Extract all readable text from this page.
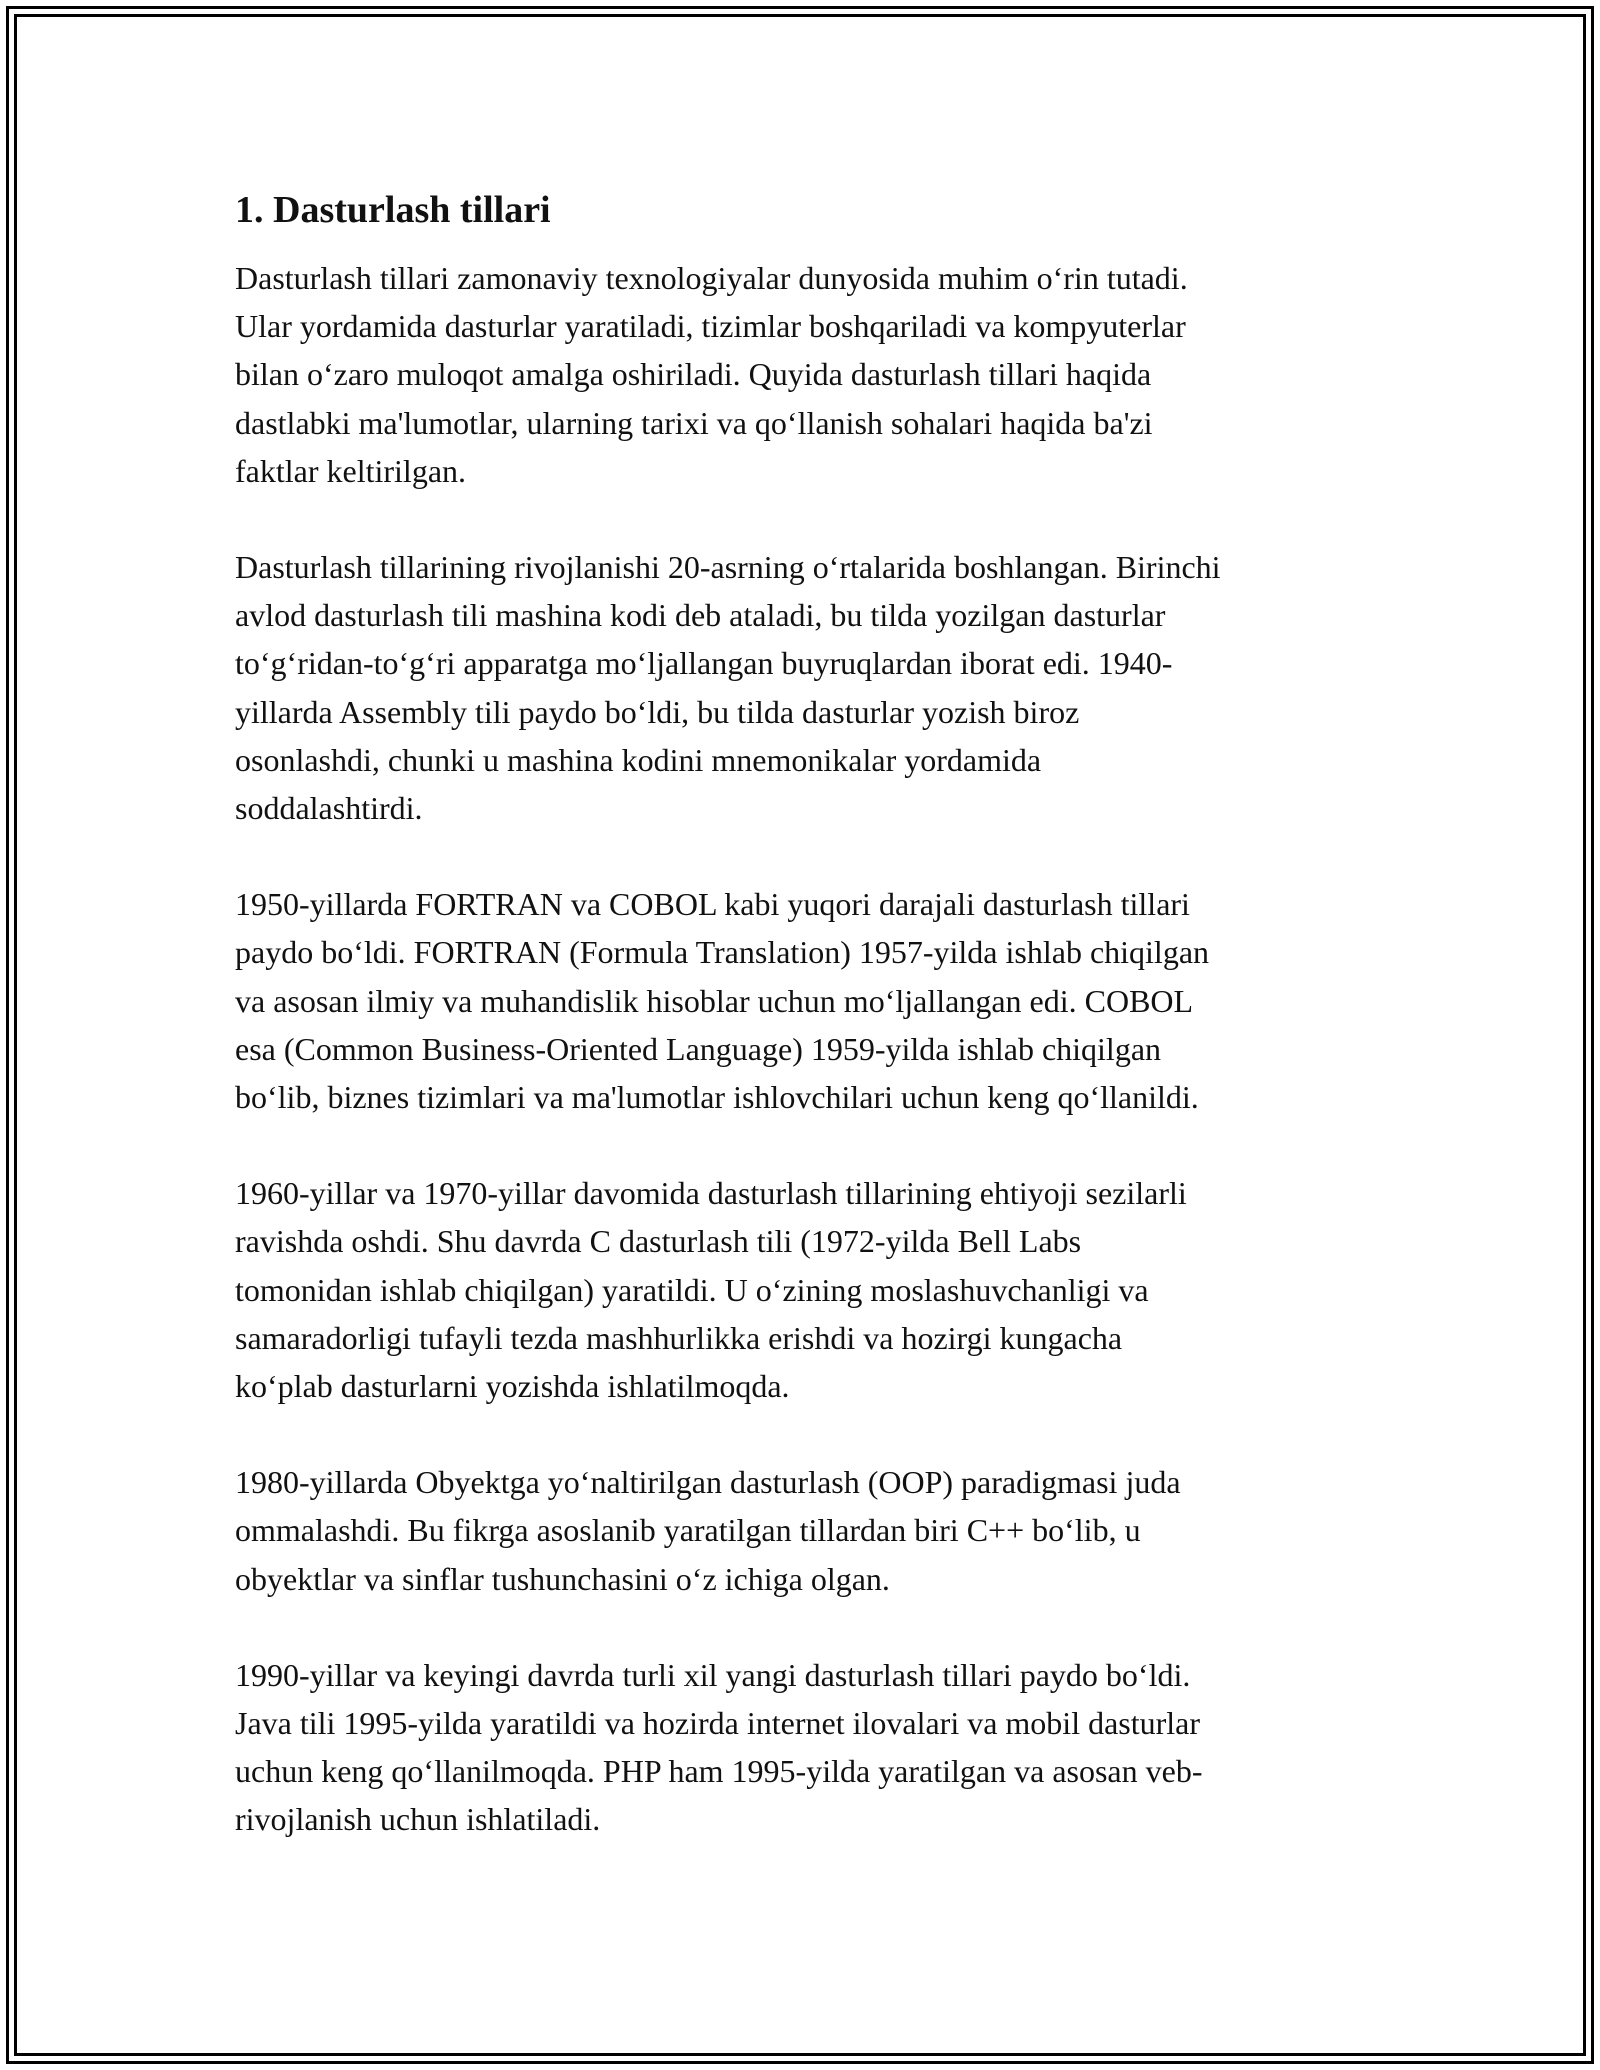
1. Dasturlash tillari

Dasturlash tillari zamonaviy texnologiyalar dunyosida muhim o‘rin tutadi.
Ular yordamida dasturlar yaratiladi, tizimlar boshqariladi va kompyuterlar
bilan o‘zaro muloqot amalga oshiriladi. Quyida dasturlash tillari haqida
dastlabki ma'lumotlar, ularning tarixi va qo‘llanish sohalari haqida ba'zi
faktlar keltirilgan.

Dasturlash tillarining rivojlanishi 20-asrning o‘rtalarida boshlangan. Birinchi
avlod dasturlash tili mashina kodi deb ataladi, bu tilda yozilgan dasturlar
to‘g‘ridan-to‘g‘ri apparatga mo‘ljallangan buyruqlardan iborat edi. 1940-
yillarda Assembly tili paydo bo‘ldi, bu tilda dasturlar yozish biroz
osonlashdi, chunki u mashina kodini mnemonikalar yordamida
soddalashtirdi.

1950-yillarda FORTRAN va COBOL kabi yuqori darajali dasturlash tillari
paydo bo‘ldi. FORTRAN (Formula Translation) 1957-yilda ishlab chiqilgan
va asosan ilmiy va muhandislik hisoblar uchun mo‘ljallangan edi. COBOL
esa (Common Business-Oriented Language) 1959-yilda ishlab chiqilgan
bo‘lib, biznes tizimlari va ma'lumotlar ishlovchilari uchun keng qo‘llanildi.

1960-yillar va 1970-yillar davomida dasturlash tillarining ehtiyoji sezilarli
ravishda oshdi. Shu davrda C dasturlash tili (1972-yilda Bell Labs
tomonidan ishlab chiqilgan) yaratildi. U o‘zining moslashuvchanligi va
samaradorligi tufayli tezda mashhurlikka erishdi va hozirgi kungacha
ko‘plab dasturlarni yozishda ishlatilmoqda.

1980-yillarda Obyektga yo‘naltirilgan dasturlash (OOP) paradigmasi juda
ommalashdi. Bu fikrga asoslanib yaratilgan tillardan biri C++ bo‘lib, u
obyektlar va sinflar tushunchasini o‘z ichiga olgan.

1990-yillar va keyingi davrda turli xil yangi dasturlash tillari paydo bo‘ldi.
Java tili 1995-yilda yaratildi va hozirda internet ilovalari va mobil dasturlar
uchun keng qo‘llanilmoqda. PHP ham 1995-yilda yaratilgan va asosan veb-
rivojlanish uchun ishlatiladi.
